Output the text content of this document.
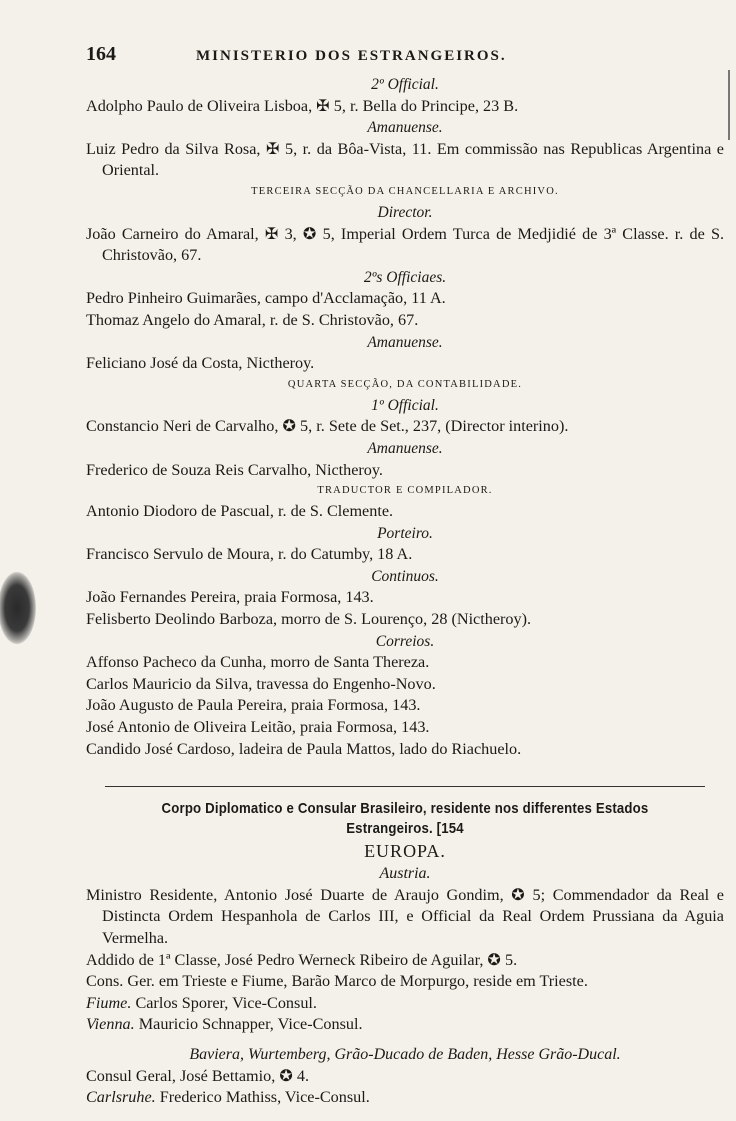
164	MINISTERIO DOS ESTRANGEIROS.
2º Official.
Adolpho Paulo de Oliveira Lisboa, ✠ 5, r. Bella do Principe, 23 B.
Amanuense.
Luiz Pedro da Silva Rosa, ✠ 5, r. da Bôa-Vista, 11. Em commissão nas Republicas Argentina e Oriental.
TERCEIRA SECÇÃO DA CHANCELLARIA E ARCHIVO.
Director.
João Carneiro do Amaral, ✠ 3, ✪ 5, Imperial Ordem Turca de Medjidié de 3ª Classe. r. de S. Christovão, 67.
2ºs Officiaes.
Pedro Pinheiro Guimarães, campo d'Acclamação, 11 A.
Thomaz Angelo do Amaral, r. de S. Christovão, 67.
Amanuense.
Feliciano José da Costa, Nictheroy.
QUARTA SECÇÃO, DA CONTABILIDADE.
1º Official.
Constancio Neri de Carvalho, ✪ 5, r. Sete de Set., 237, (Director interino).
Amanuense.
Frederico de Souza Reis Carvalho, Nictheroy.
TRADUCTOR E COMPILADOR.
Antonio Diodoro de Pascual, r. de S. Clemente.
Porteiro.
Francisco Servulo de Moura, r. do Catumby, 18 A.
Continuos.
João Fernandes Pereira, praia Formosa, 143.
Felisberto Deolindo Barboza, morro de S. Lourenço, 28 (Nictheroy).
Correios.
Affonso Pacheco da Cunha, morro de Santa Thereza.
Carlos Mauricio da Silva, travessa do Engenho-Novo.
João Augusto de Paula Pereira, praia Formosa, 143.
José Antonio de Oliveira Leitão, praia Formosa, 143.
Candido José Cardoso, ladeira de Paula Mattos, lado do Riachuelo.
Corpo Diplomatico e Consular Brasileiro, residente nos differentes Estados
Estrangeiros. [154
EUROPA.
Austria.
Ministro Residente, Antonio José Duarte de Araujo Gondim, ✪ 5; Commendador da Real e Distincta Ordem Hespanhola de Carlos III, e Official da Real Ordem Prussiana da Aguia Vermelha.
Addido de 1ª Classe, José Pedro Werneck Ribeiro de Aguilar, ✪ 5.
Cons. Ger. em Trieste e Fiume, Barão Marco de Morpurgo, reside em Trieste.
Fiume. Carlos Sporer, Vice-Consul.
Vienna. Mauricio Schnapper, Vice-Consul.
Baviera, Wurtemberg, Grão-Ducado de Baden, Hesse Grão-Ducal.
Consul Geral, José Bettamio, ✪ 4.
Carlsruhe. Frederico Mathiss, Vice-Consul.
